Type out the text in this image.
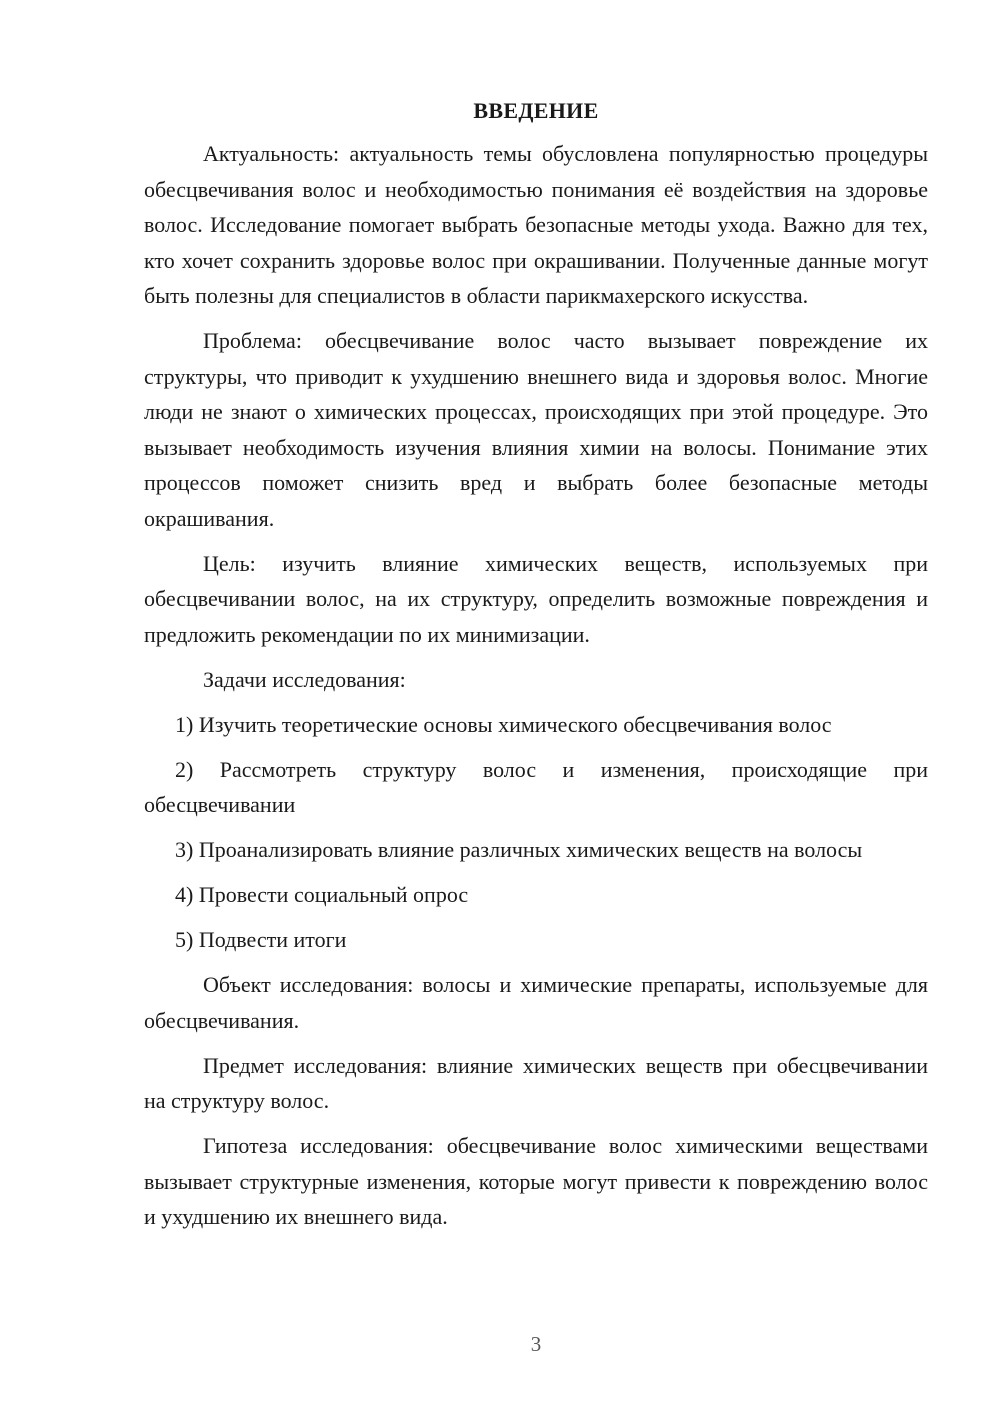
ВВЕДЕНИЕ

Актуальность: актуальность темы обусловлена популярностью процедуры обесцвечивания волос и необходимостью понимания её воздействия на здоровье волос. Исследование помогает выбрать безопасные методы ухода. Важно для тех, кто хочет сохранить здоровье волос при окрашивании. Полученные данные могут быть полезны для специалистов в области парикмахерского искусства.

Проблема: обесцвечивание волос часто вызывает повреждение их структуры, что приводит к ухудшению внешнего вида и здоровья волос. Многие люди не знают о химических процессах, происходящих при этой процедуре. Это вызывает необходимость изучения влияния химии на волосы. Понимание этих процессов поможет снизить вред и выбрать более безопасные методы окрашивания.

Цель: изучить влияние химических веществ, используемых при обесцвечивании волос, на их структуру, определить возможные повреждения и предложить рекомендации по их минимизации.

Задачи исследования:

1) Изучить теоретические основы химического обесцвечивания волос

2) Рассмотреть структуру волос и изменения, происходящие при обесцвечивании

3) Проанализировать влияние различных химических веществ на волосы

4) Провести социальный опрос

5) Подвести итоги

Объект исследования: волосы и химические препараты, используемые для обесцвечивания.

Предмет исследования: влияние химических веществ при обесцвечивании на структуру волос.

Гипотеза исследования: обесцвечивание волос химическими веществами вызывает структурные изменения, которые могут привести к повреждению волос и ухудшению их внешнего вида.

3
